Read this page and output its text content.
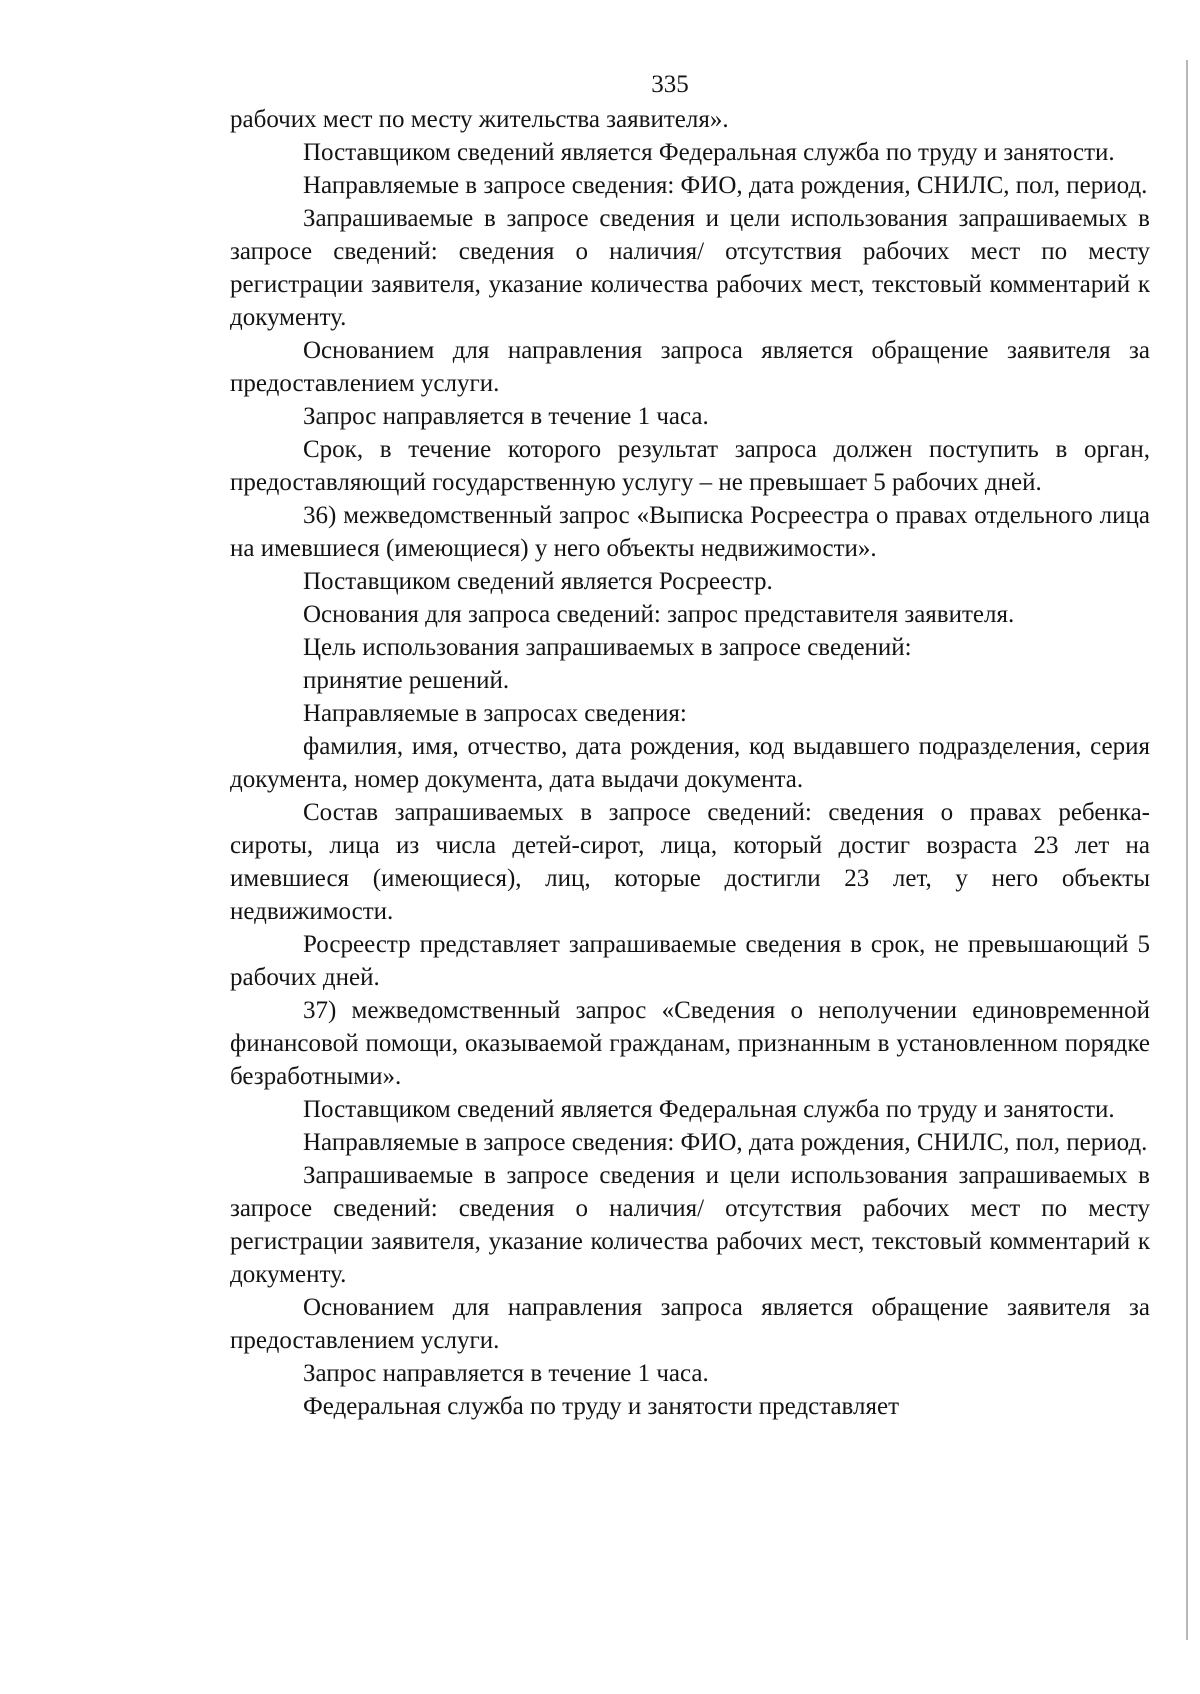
335

рабочих мест по месту жительства заявителя».

Поставщиком сведений является Федеральная служба по труду и занятости.

Направляемые в запросе сведения: ФИО, дата рождения, СНИЛС, пол, период.

Запрашиваемые в запросе сведения и цели использования запрашиваемых в запросе сведений: сведения о наличия/ отсутствия рабочих мест по месту регистрации заявителя, указание количества рабочих мест, текстовый комментарий к документу.

Основанием для направления запроса является обращение заявителя за предоставлением услуги.

Запрос направляется в течение 1 часа.

Срок, в течение которого результат запроса должен поступить в орган, предоставляющий государственную услугу – не превышает 5 рабочих дней.

36) межведомственный запрос «Выписка Росреестра о правах отдельного лица на имевшиеся (имеющиеся) у него объекты недвижимости».

Поставщиком сведений является Росреестр.

Основания для запроса сведений: запрос представителя заявителя.

Цель использования запрашиваемых в запросе сведений:

принятие решений.

Направляемые в запросах сведения:

фамилия, имя, отчество, дата рождения, код выдавшего подразделения, серия документа, номер документа, дата выдачи документа.

Состав запрашиваемых в запросе сведений: сведения о правах ребенка-сироты, лица из числа детей-сирот, лица, который достиг возраста 23 лет на имевшиеся (имеющиеся), лиц, которые достигли 23 лет, у него объекты недвижимости.

Росреестр представляет запрашиваемые сведения в срок, не превышающий 5 рабочих дней.

37) межведомственный запрос «Сведения о неполучении единовременной финансовой помощи, оказываемой гражданам, признанным в установленном порядке безработными».

Поставщиком сведений является Федеральная служба по труду и занятости.

Направляемые в запросе сведения: ФИО, дата рождения, СНИЛС, пол, период.

Запрашиваемые в запросе сведения и цели использования запрашиваемых в запросе сведений: сведения о наличия/ отсутствия рабочих мест по месту регистрации заявителя, указание количества рабочих мест, текстовый комментарий к документу.

Основанием для направления запроса является обращение заявителя за предоставлением услуги.

Запрос направляется в течение 1 часа.

Федеральная служба по труду и занятости представляет
